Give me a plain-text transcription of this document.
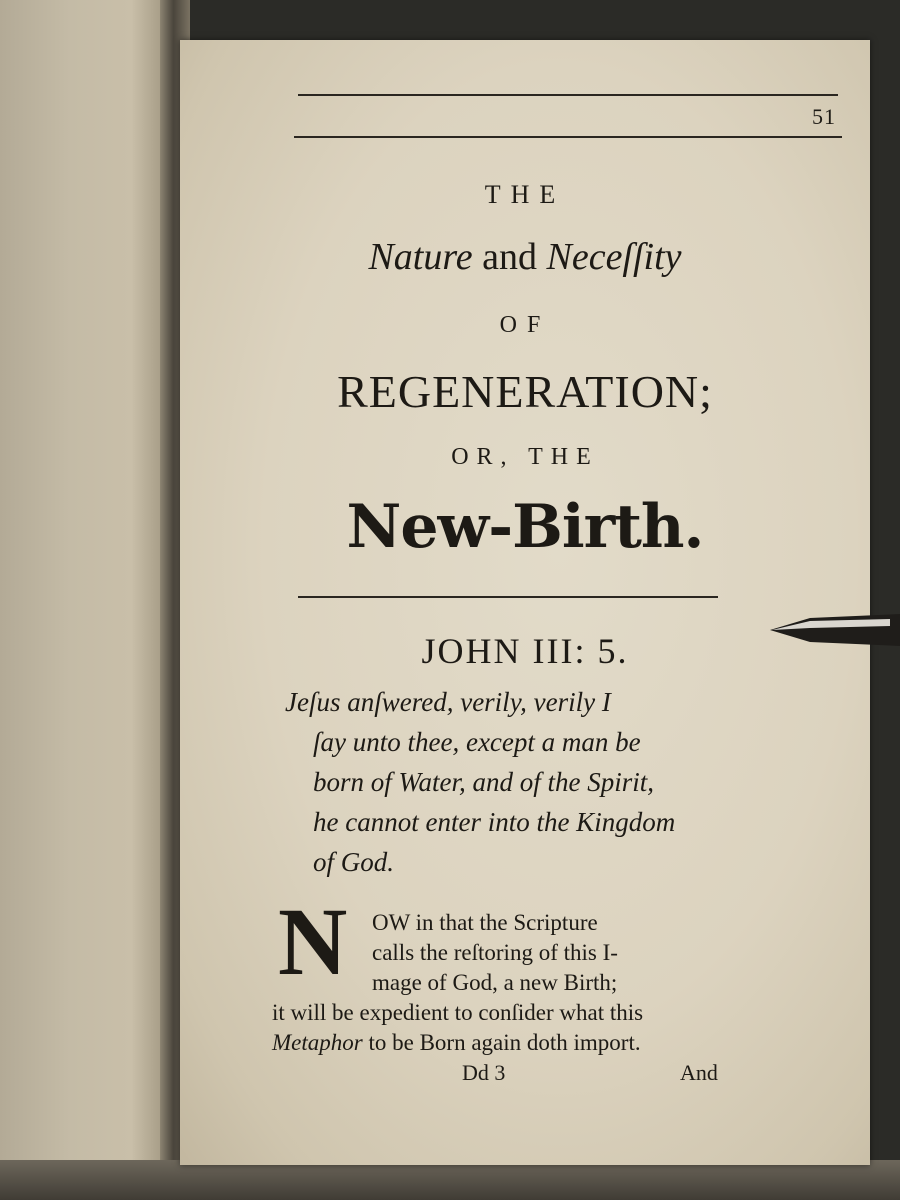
51
THE
Nature and Neceſſity
OF
REGENERATION;
OR, THE
New-Birth.
JOHN III: 5.

Jeſus anſwered, verily, verily I

ſay unto thee, except a man be

born of Water, and of the Spirit,

he cannot enter into the Kingdom

of God.

N	OW in that the Scripture
calls the reſtoring of this I-
mage of God, a new Birth;
it will be expedient to conſider what this
Metaphor to be Born again doth import.
Dd 3	And
